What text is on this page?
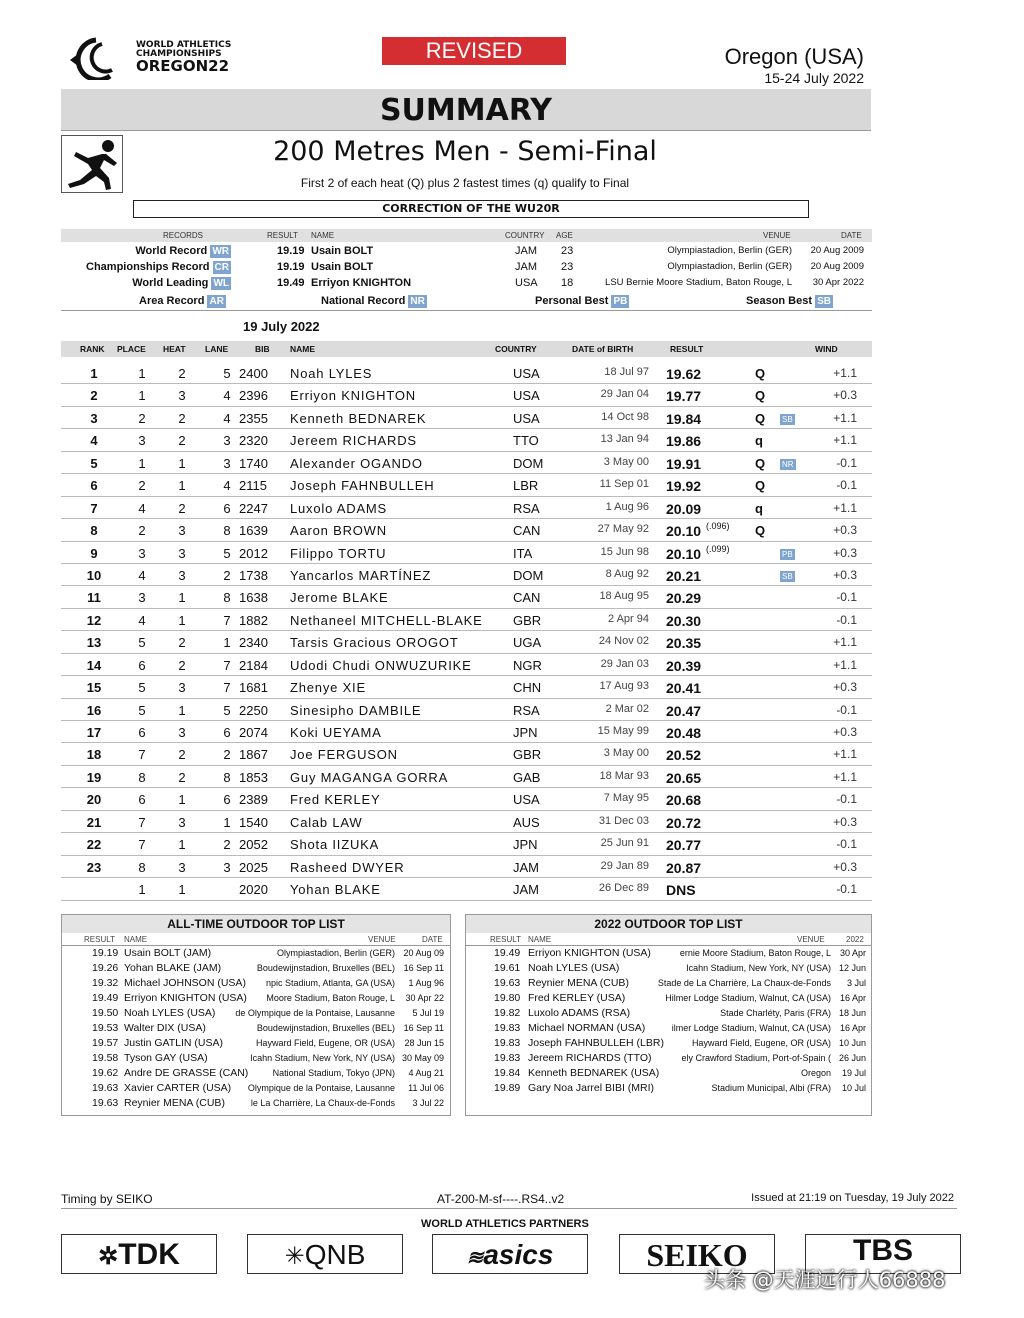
WORLD ATHLETICS
CHAMPIONSHIPS
OREGON22
REVISED	Oregon (USA)
15-24 July 2022
SUMMARY
200 Metres Men - Semi-Final
First 2 of each heat (Q) plus 2 fastest times (q) qualify to Final
CORRECTION OF THE WU20R
RECORDS	RESULT NAME	COUNTRY AGE	VENUE	DATE
World Record WR	19.19 Usain BOLT	JAM 23	Olympiastadion, Berlin (GER) 20 Aug 2009
Championships Record CR	19.19 Usain BOLT	JAM 23	Olympiastadion, Berlin (GER) 20 Aug 2009
World Leading WL	19.49 Erriyon KNIGHTON	USA 18	LSU Bernie Moore Stadium, Baton Rouge, L 30 Apr 2022
Area Record AR	National Record NR	Personal Best PB	Season Best SB
19 July 2022
RANK PLACE HEAT LANE	BIB NAME	COUNTRY	DATE of BIRTH	RESULT	WIND
1	1	2	5 2400 Noah LYLES	USA	18 Jul 97 19.62	Q	+1.1
2	1	3	4 2396 Erriyon KNIGHTON	USA	29 Jan 04 19.77	Q	+0.3
3	2	2	4 2355 Kenneth BEDNAREK	USA	14 Oct 98 19.84	Q	+1.1
SB
4	3	2	3 2320 Jereem RICHARDS	TTO	13 Jan 94 19.86	q	+1.1
5	1	1	3 1740 Alexander OGANDO	DOM	3 May 00 19.91	Q	-0.1
NR
6	2	1	4 2115 Joseph FAHNBULLEH	LBR	11 Sep 01 19.92	Q	-0.1
7	4	2	6 2247 Luxolo ADAMS	RSA	1 Aug 96 20.09	q	+1.1
8	2	3	8 1639 Aaron BROWN	CAN	27 May 92 20.10 (.096) Q	+0.3
9	3	3	5 2012 Filippo TORTU	ITA	15 Jun 98 20.10 (.099)	+0.3
PB
10	4	3	2 1738 Yancarlos MARTÍNEZ	DOM	8 Aug 92 20.21	+0.3
SB
11	3	1	8 1638 Jerome BLAKE	CAN	18 Aug 95 20.29	-0.1
12	4	1	7 1882 Nethaneel MITCHELL-BLAKE GBR	2 Apr 94 20.30	-0.1
13	5	2	1 2340 Tarsis Gracious OROGOT	UGA	24 Nov 02 20.35	+1.1
14	6	2	7 2184 Udodi Chudi ONWUZURIKE	NGR	29 Jan 03 20.39	+1.1
15	5	3	7 1681 Zhenye XIE	CHN	17 Aug 93 20.41	+0.3
16	5	1	5 2250 Sinesipho DAMBILE	RSA	2 Mar 02 20.47	-0.1
17	6	3	6 2074 Koki UEYAMA	JPN	15 May 99 20.48	+0.3
18	7	2	2 1867 Joe FERGUSON	GBR	3 May 00 20.52	+1.1
19	8	2	8 1853 Guy MAGANGA GORRA	GAB	18 Mar 93 20.65	+1.1
20	6	1	6 2389 Fred KERLEY	USA	7 May 95 20.68	-0.1
21	7	3	1 1540 Calab LAW	AUS	31 Dec 03 20.72	+0.3
22	7	1	2 2052 Shota IIZUKA	JPN	25 Jun 91 20.77	-0.1
23	8	3	3 2025 Rasheed DWYER	JAM	29 Jan 89 20.87	+0.3
1	1	2020 Yohan BLAKE	JAM	26 Dec 89 DNS	-0.1
ALL-TIME OUTDOOR TOP LIST
RESULT NAME	VENUE	DATE
19.19 Usain BOLT (JAM)	Olympiastadion, Berlin (GER) 20 Aug 09
19.26 Yohan BLAKE (JAM)	Boudewijnstadion, Bruxelles (BEL) 16 Sep 11
19.32 Michael JOHNSON (USA)	npic Stadium, Atlanta, GA (USA)	1 Aug 96
19.49 Erriyon KNIGHTON (USA)	Moore Stadium, Baton Rouge, L	30 Apr 22
19.50 Noah LYLES (USA) de Olympique de la Pontaise, Lausanne	5 Jul 19
19.53 Walter DIX (USA)	Boudewijnstadion, Bruxelles (BEL) 16 Sep 11
19.57 Justin GATLIN (USA)	Hayward Field, Eugene, OR (USA)	28 Jun 15
19.58 Tyson GAY (USA)	Icahn Stadium, New York, NY (USA) 30 May 09
19.62 Andre DE GRASSE (CAN)	National Stadium, Tokyo (JPN)	4 Aug 21
19.63 Xavier CARTER (USA)	Olympique de la Pontaise, Lausanne	11 Jul 06
19.63 Reynier MENA (CUB)	le La Charrière, La Chaux-de-Fonds	3 Jul 22
2022 OUTDOOR TOP LIST
RESULT NAME	VENUE	2022
19.49 Erriyon KNIGHTON (USA)	ernie Moore Stadium, Baton Rouge, L 30 Apr
19.61 Noah LYLES (USA)	Icahn Stadium, New York, NY (USA) 12 Jun
19.63 Reynier MENA (CUB)	Stade de La Charrière, La Chaux-de-Fonds	3 Jul
19.80 Fred KERLEY (USA)	Hilmer Lodge Stadium, Walnut, CA (USA) 16 Apr
19.82 Luxolo ADAMS (RSA)	Stade Charléty, Paris (FRA) 18 Jun
19.83 Michael NORMAN (USA)	ilmer Lodge Stadium, Walnut, CA (USA) 16 Apr
19.83 Joseph FAHNBULLEH (LBR)	Hayward Field, Eugene, OR (USA) 10 Jun
19.83 Jereem RICHARDS (TTO)	ely Crawford Stadium, Port-of-Spain ( 26 Jun
19.84 Kenneth BEDNAREK (USA)	Oregon	19 Jul
19.89 Gary Noa Jarrel BIBI (MRI)	Stadium Municipal, Albi (FRA)	10 Jul
Timing by SEIKO	AT-200-M-sf----.RS4..v2	Issued at 21:19 on Tuesday, 19 July 2022
WORLD ATHLETICS PARTNERS
✲TDK	✳QNB	≋asics	SEIKO	TBS
头条 @天涯远行人66888
